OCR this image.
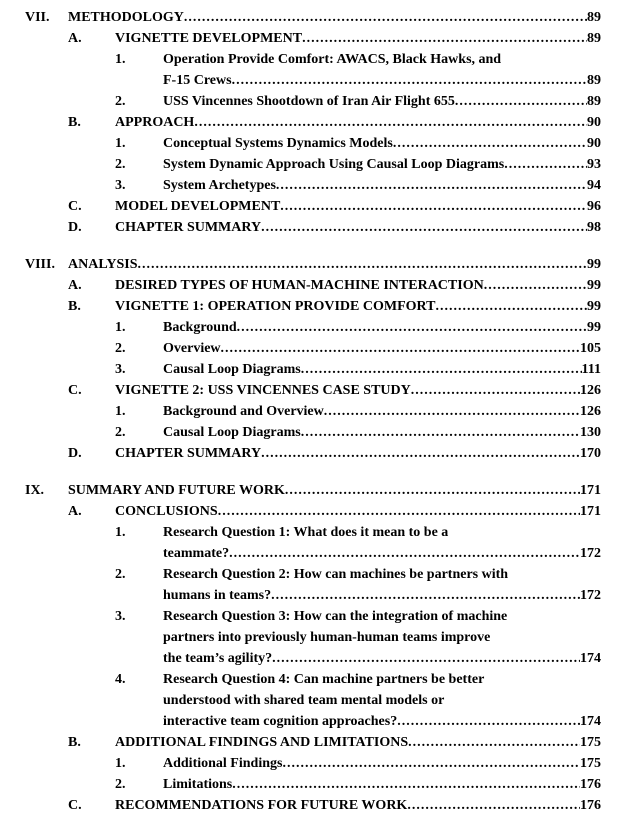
VII.	METHODOLOGY .....	89
A.	VIGNETTE DEVELOPMENT .....	89
1.	Operation Provide Comfort: AWACS, Black Hawks, and
F-15 Crews .....	89
2.	USS Vincennes Shootdown of Iran Air Flight 655 .....	89
B.	APPROACH .....	90
1.	Conceptual Systems Dynamics Models .....	90
2.	System Dynamic Approach Using Causal Loop Diagrams .....	93
3.	System Archetypes .....	94
C.	MODEL DEVELOPMENT .....	96
D.	CHAPTER SUMMARY .....	98
VIII. ANALYSIS .....	99
A.	DESIRED TYPES OF HUMAN-MACHINE INTERACTION .....	99
B.	VIGNETTE 1: OPERATION PROVIDE COMFORT .....	99
1.	Background .....	99
2.	Overview .....	105
3.	Causal Loop Diagrams .....	111
C.	VIGNETTE 2: USS VINCENNES CASE STUDY .....	126
1.	Background and Overview .....	126
2.	Causal Loop Diagrams .....	130
D.	CHAPTER SUMMARY .....	170
IX.	SUMMARY AND FUTURE WORK .....	171
A.	CONCLUSIONS .....	171
1.	Research Question 1: What does it mean to be a
teammate? .....	172
2.	Research Question 2: How can machines be partners with
humans in teams? .....	172
3.	Research Question 3: How can the integration of machine
partners into previously human-human teams improve
the team’s agility? .....	174
4.	Research Question 4: Can machine partners be better
understood with shared team mental models or
interactive team cognition approaches? .....	174
B.	ADDITIONAL FINDINGS AND LIMITATIONS .....	175
1.	Additional Findings .....	175
2.	Limitations .....	176
C.	RECOMMENDATIONS FOR FUTURE WORK .....	176
